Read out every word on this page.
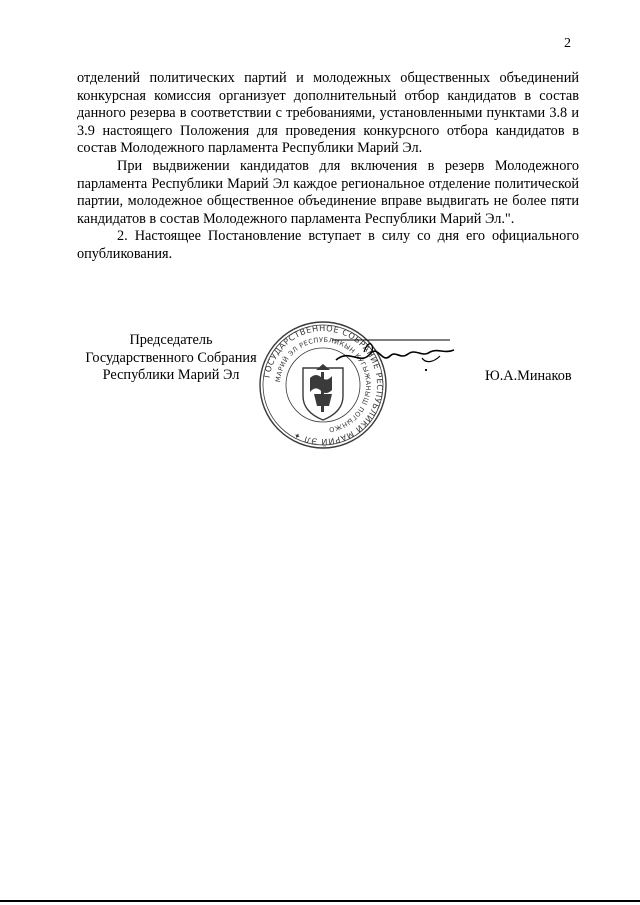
2

отделений политических партий и молодежных общественных объединений конкурсная комиссия организует дополнительный отбор кандидатов в состав данного резерва в соответствии с требованиями, установленными пунктами 3.8 и 3.9 настоящего Положения для проведения конкурсного отбора кандидатов в состав Молодежного парламента Республики Марий Эл.

При выдвижении кандидатов для включения в резерв Молодежного парламента Республики Марий Эл каждое региональное отделение политической партии, молодежное общественное объединение вправе выдвигать не более пяти кандидатов в состав Молодежного парламента Республики Марий Эл.".

2. Настоящее Постановление вступает в силу со дня его официального опубликования.

Председатель
Государственного Собрания
Республики Марий Эл	ГОСУДАРСТВЕННОЕ СОБРАНИЕ РЕСПУБЛИКИ МАРИЙ ЭЛ ✦
МАРИЙ ЭЛ РЕСПУБЛИКЫН КУГЫЖАНЫШ ПОГЫНЖО
Ю.А.Минаков
